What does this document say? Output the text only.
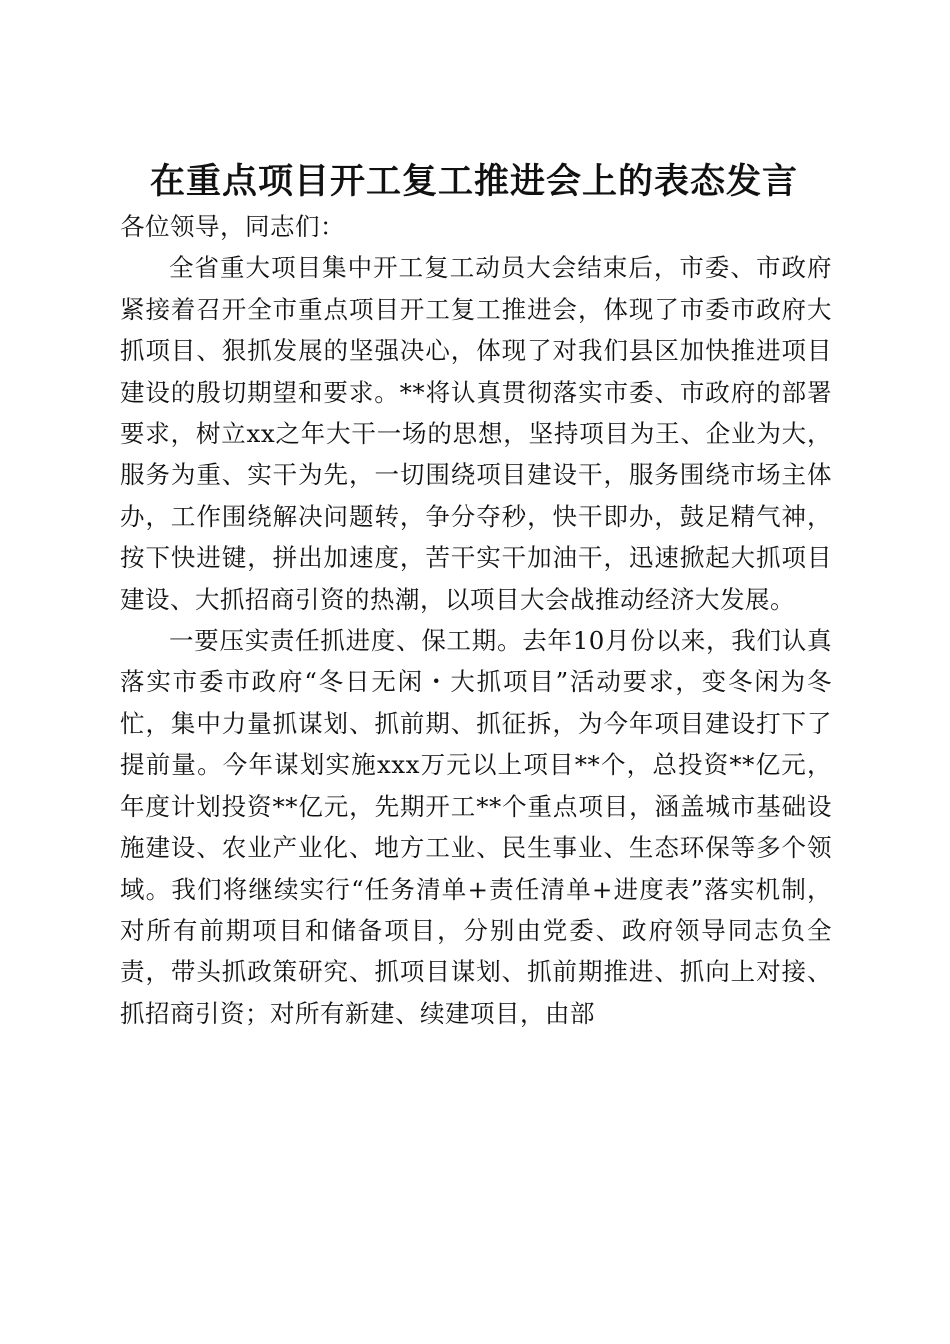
在重点项目开工复工推进会上的表态发言

各位领导，同志们：

全省重大项目集中开工复工动员大会结束后，市委、市政府紧接着召开全市重点项目开工复工推进会，体现了市委市政府大抓项目、狠抓发展的坚强决心，体现了对我们县区加快推进项目建设的殷切期望和要求。**将认真贯彻落实市委、市政府的部署要求，树立xx之年大干一场的思想，坚持项目为王、企业为大，服务为重、实干为先，一切围绕项目建设干，服务围绕市场主体办，工作围绕解决问题转，争分夺秒，快干即办，鼓足精气神，按下快进键，拼出加速度，苦干实干加油干，迅速掀起大抓项目建设、大抓招商引资的热潮，以项目大会战推动经济大发展。

一要压实责任抓进度、保工期。去年10月份以来，我们认真落实市委市政府“冬日无闲・大抓项目”活动要求，变冬闲为冬忙，集中力量抓谋划、抓前期、抓征拆，为今年项目建设打下了提前量。今年谋划实施xxx万元以上项目**个，总投资**亿元，年度计划投资**亿元，先期开工**个重点项目，涵盖城市基础设施建设、农业产业化、地方工业、民生事业、生态环保等多个领域。我们将继续实行“任务清单+责任清单+进度表”落实机制，对所有前期项目和储备项目，分别由党委、政府领导同志负全责，带头抓政策研究、抓项目谋划、抓前期推进、抓向上对接、抓招商引资；对所有新建、续建项目，由部
